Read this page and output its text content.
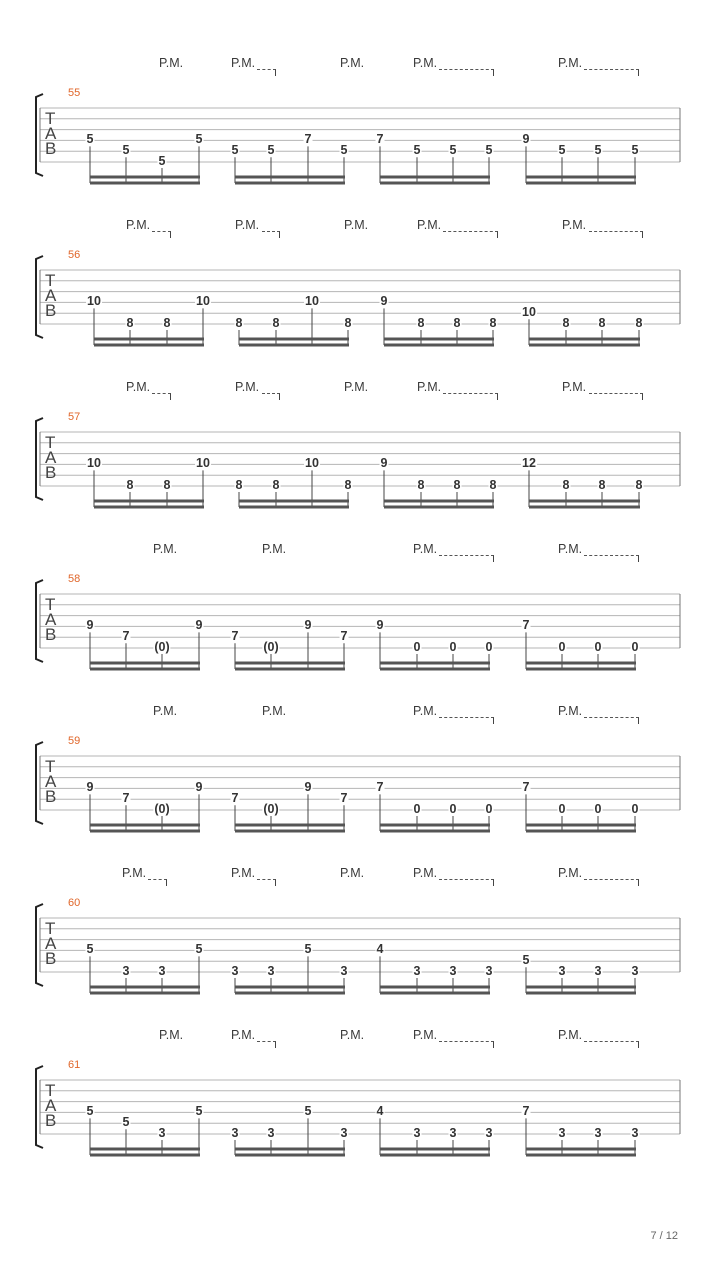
T
A
B
55
P.M.	P.M.	P.M.	P.M.	P.M.
5
5
5
5
5 5
7
5
7
5 5 5
9
5 5 5
T
A
B
56
P.M.	P.M.	P.M.	P.M.	P.M.
10
8 8
10
8 8
10
8
9
8 8 8
10
8 8 8
T
A
B
57
P.M.	P.M.	P.M.	P.M.	P.M.
10
8 8
10
8 8
10
8
9
8 8 8
12
8 8 8
T
A
B
58
P.M.	P.M.	P.M.	P.M.
9
7
(0)
9
7
(0)
9
7
9
0 0 0
7
0 0 0
T
A
B
59
P.M.	P.M.	P.M.	P.M.
9
7
(0)
9
7
(0)
9
7
7
0 0 0
7
0 0 0
T
A
B
60
P.M.	P.M.	P.M.	P.M.	P.M.
5
3 3
5
3 3
5
3
4
3 3 3
5
3 3 3
T
A
B
61
P.M.	P.M.	P.M.	P.M.	P.M.
5
5
3
5
3 3
5
3
4
3 3 3
7
3 3 3
7 / 12
